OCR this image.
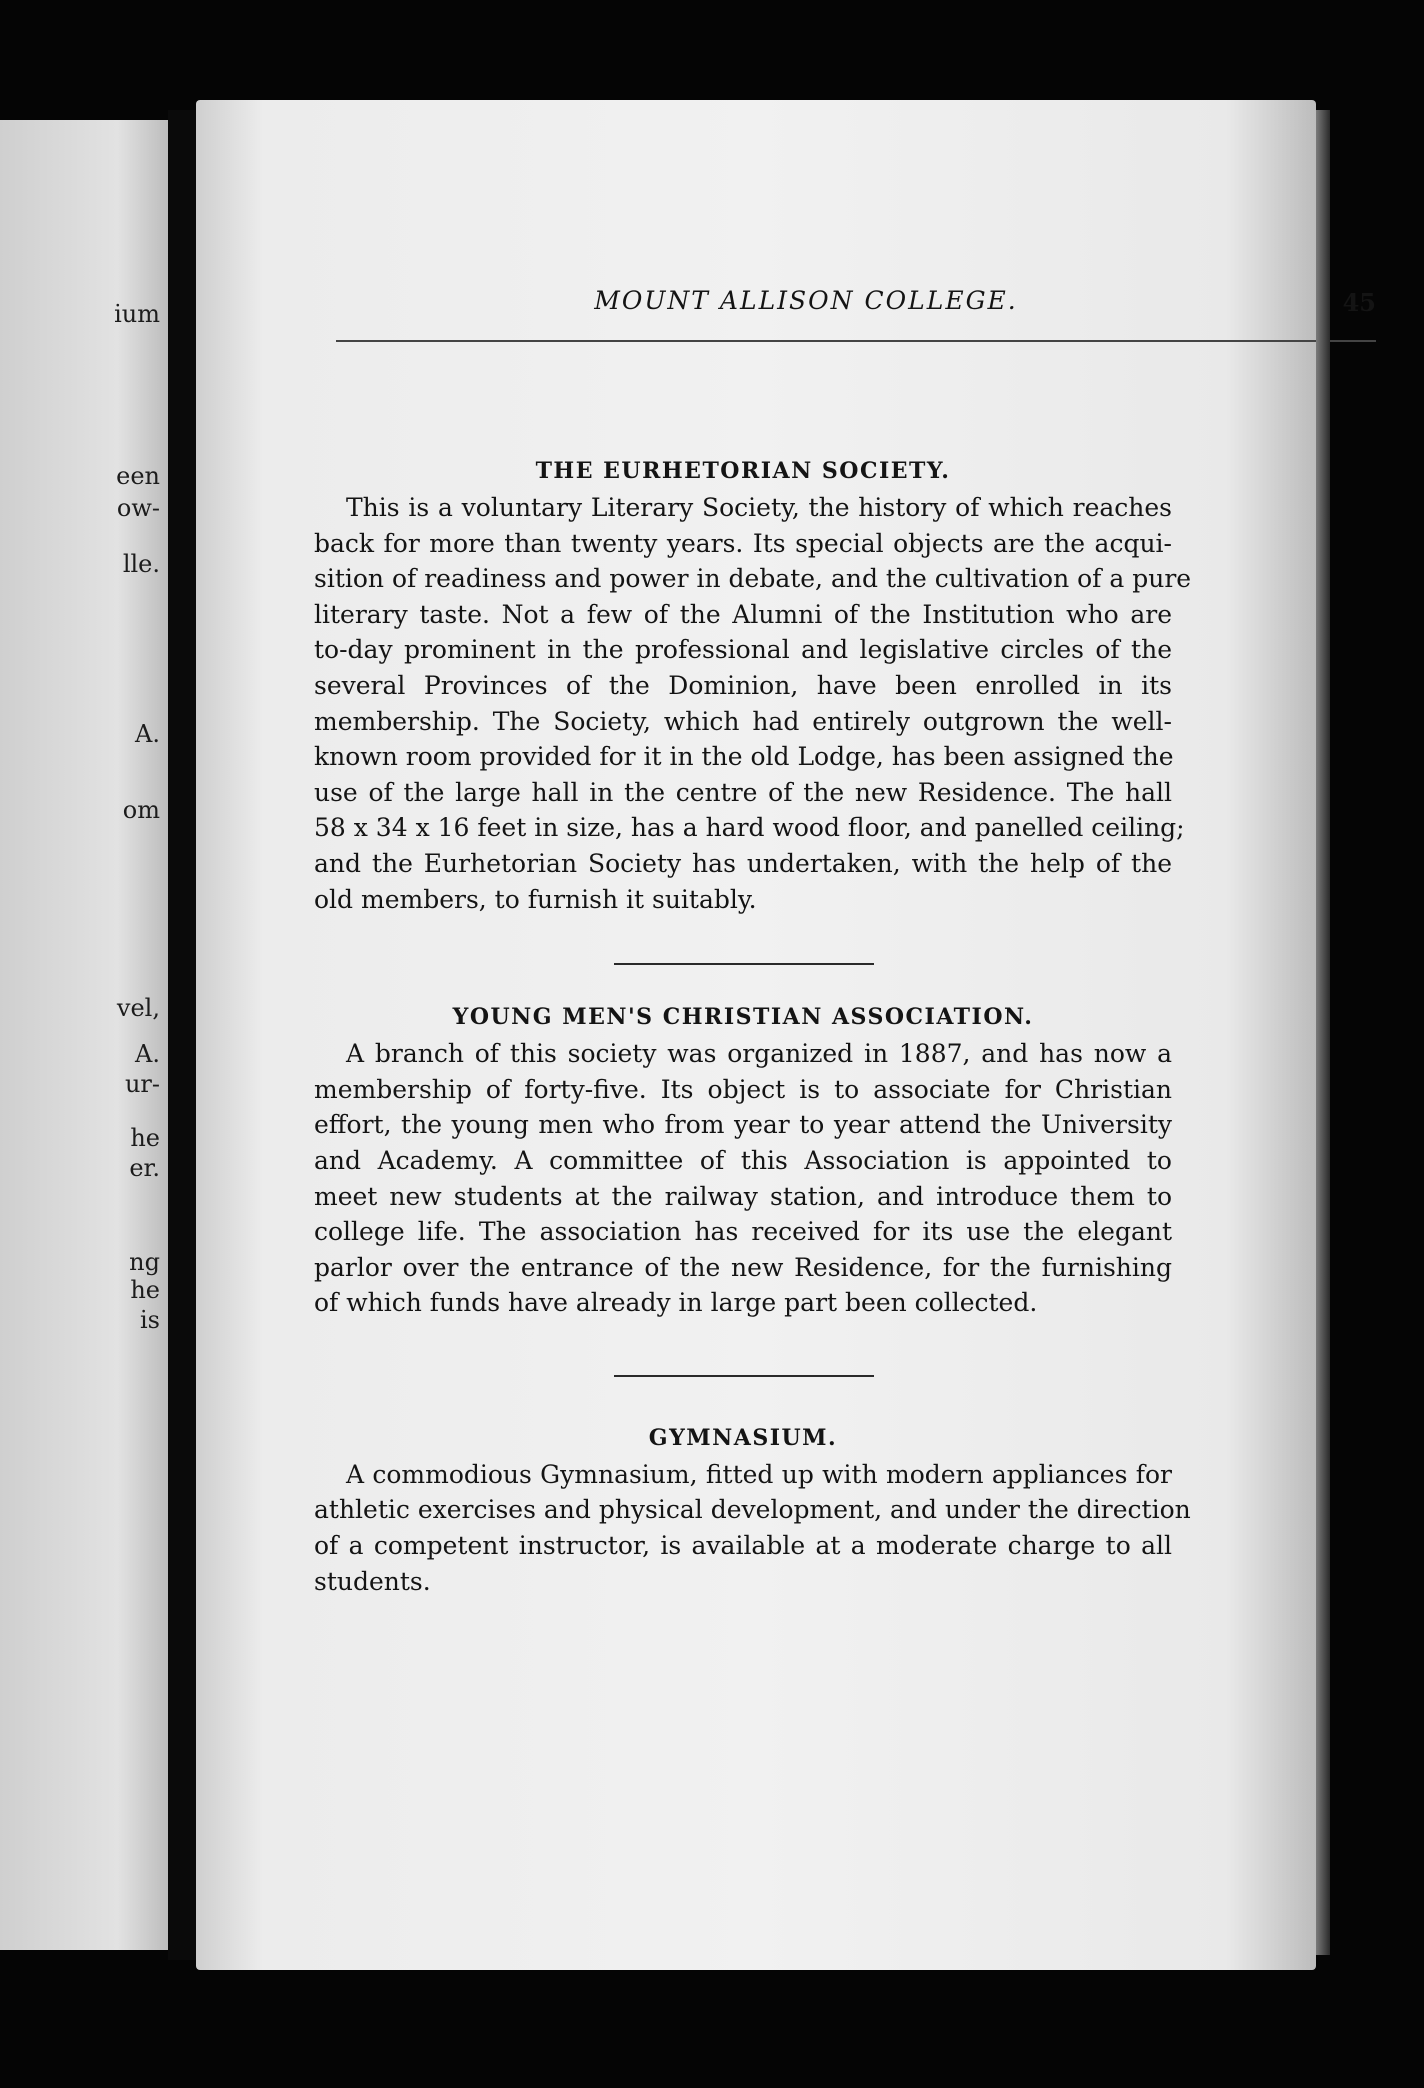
ium
een
ow-
lle.
A.
om
vel,
A.
ur-
he
er.
ng
he
is
MOUNT ALLISON COLLEGE.	45
THE EURHETORIAN SOCIETY.
This is a voluntary Literary Society, the history of which reaches
back for more than twenty years. Its special objects are the acqui-
sition of readiness and power in debate, and the cultivation of a pure
literary taste. Not a few of the Alumni of the Institution who are
to-day prominent in the professional and legislative circles of the
several Provinces of the Dominion, have been enrolled in its
membership. The Society, which had entirely outgrown the well-
known room provided for it in the old Lodge, has been assigned the
use of the large hall in the centre of the new Residence. The hall
58 x 34 x 16 feet in size, has a hard wood floor, and panelled ceiling;
and the Eurhetorian Society has undertaken, with the help of the
old members, to furnish it suitably.
YOUNG MEN'S CHRISTIAN ASSOCIATION.
A branch of this society was organized in 1887, and has now a
membership of forty-five. Its object is to associate for Christian
effort, the young men who from year to year attend the University
and Academy. A committee of this Association is appointed to
meet new students at the railway station, and introduce them to
college life. The association has received for its use the elegant
parlor over the entrance of the new Residence, for the furnishing
of which funds have already in large part been collected.
GYMNASIUM.
A commodious Gymnasium, fitted up with modern appliances for
athletic exercises and physical development, and under the direction
of a competent instructor, is available at a moderate charge to all
students.
